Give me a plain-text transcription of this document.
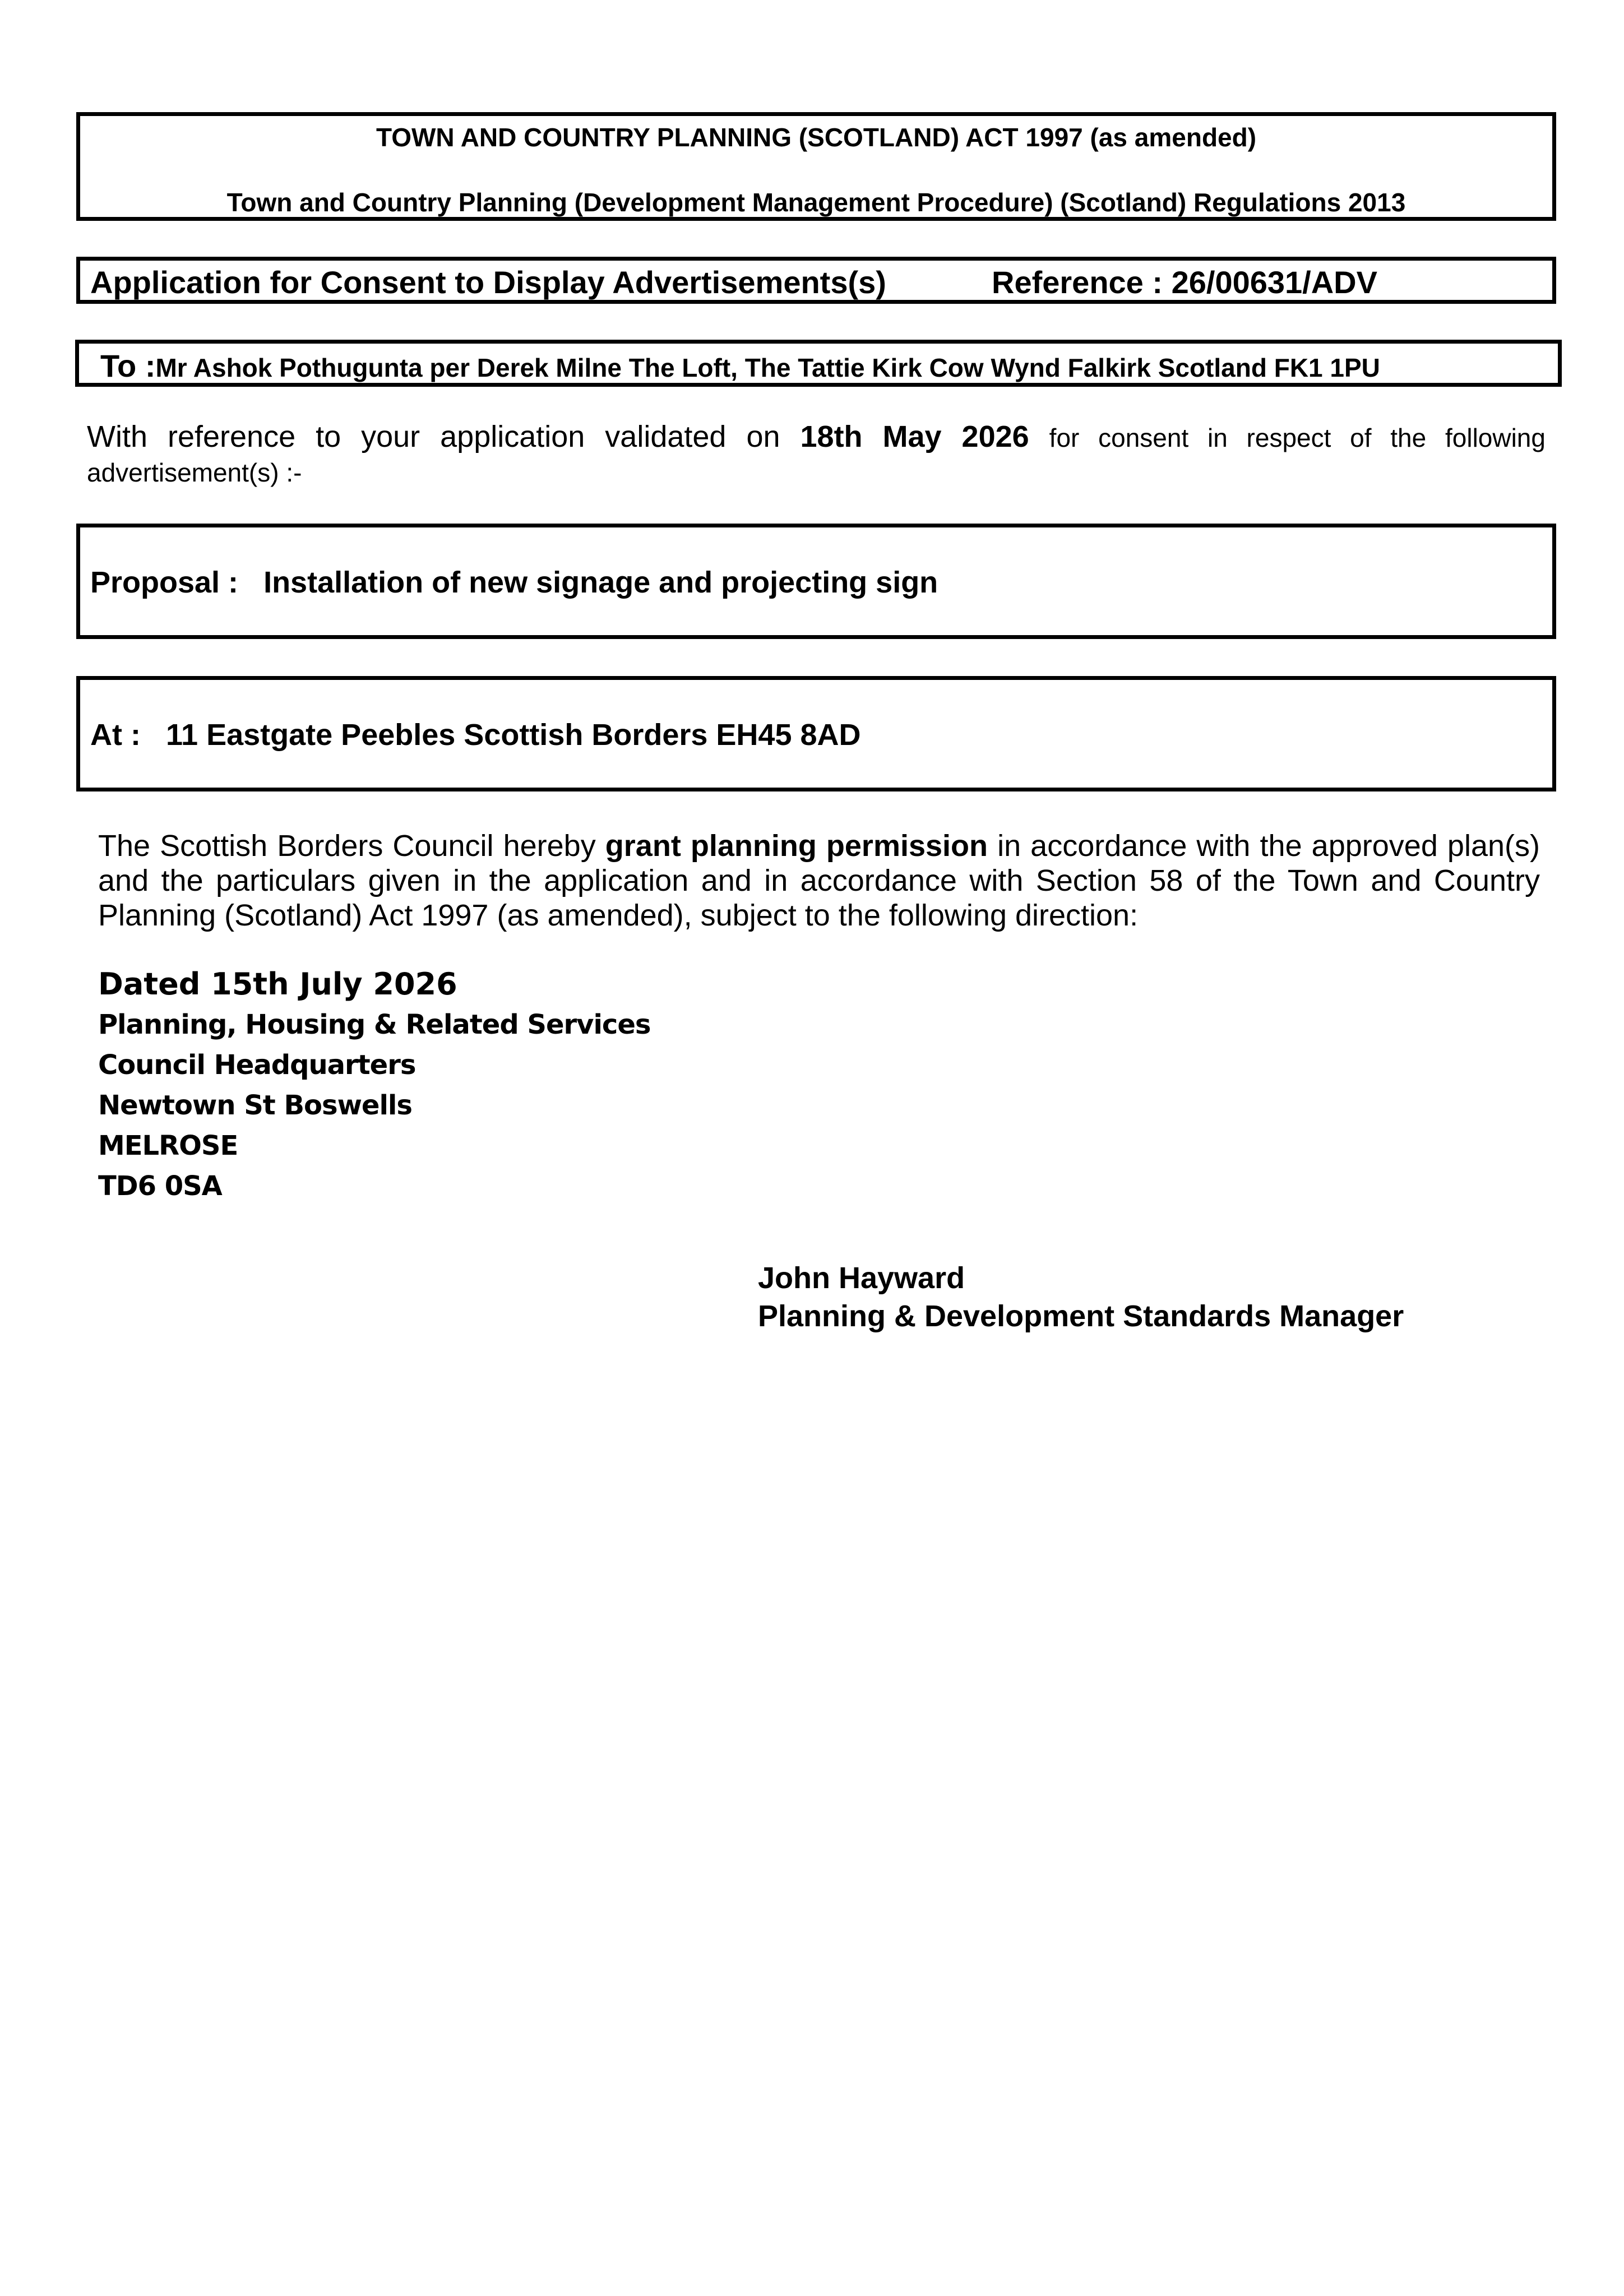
TOWN AND COUNTRY PLANNING (SCOTLAND) ACT 1997 (as amended)
Town and Country Planning (Development Management Procedure) (Scotland) Regulations 2013
Application for Consent to Display Advertisements(s)	Reference : 26/00631/ADV
To :Mr Ashok Pothugunta per Derek Milne The Loft, The Tattie Kirk Cow Wynd Falkirk Scotland FK1 1PU
With reference to your application validated on 18th May 2026 for consent in respect of the following
advertisement(s) :-
Proposal : Installation of new signage and projecting sign
At : 11 Eastgate Peebles Scottish Borders EH45 8AD
The Scottish Borders Council hereby grant planning permission in accordance with the approved plan(s) and the particulars given in the application and in accordance with Section 58 of the Town and Country Planning (Scotland) Act 1997 (as amended), subject to the following direction:
Dated 15th July 2026
Planning, Housing & Related Services
Council Headquarters
Newtown St Boswells
MELROSE
TD6 0SA
John Hayward
Planning & Development Standards Manager
